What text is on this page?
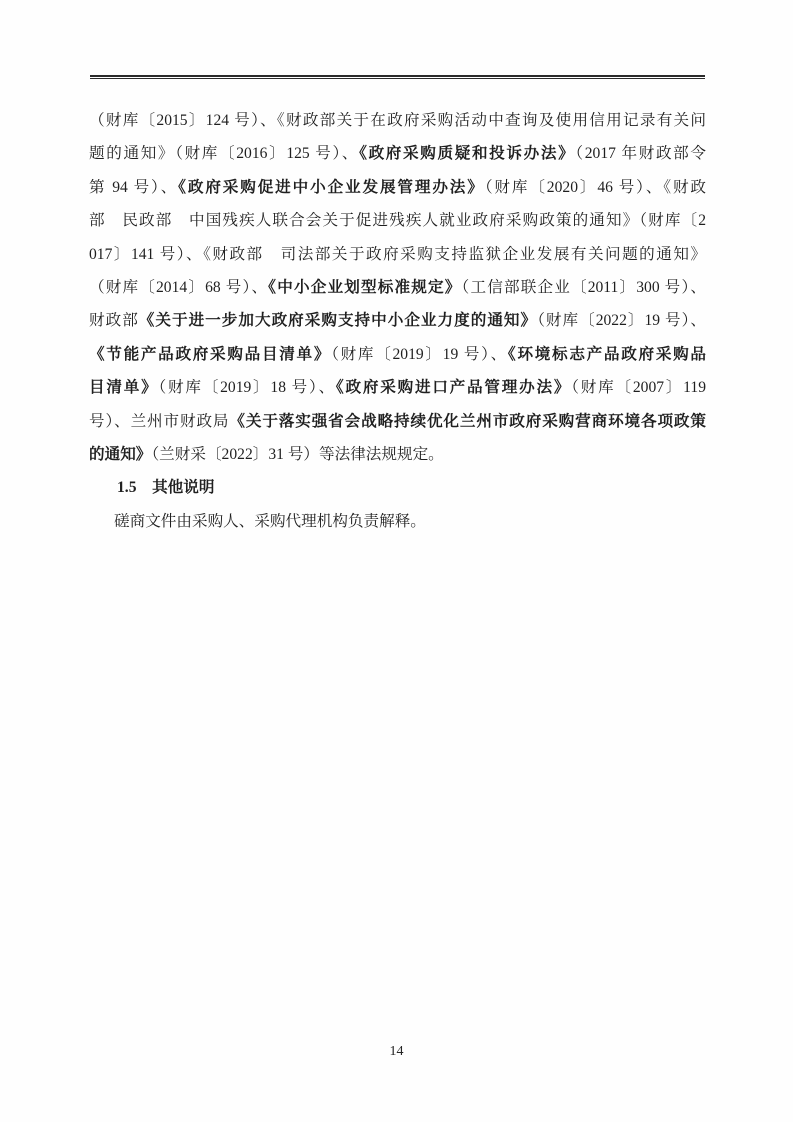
（财库〔2015〕124 号）、《财政部关于在政府采购活动中查询及使用信用记录有关问
题的通知》（财库〔2016〕125 号）、《政府采购质疑和投诉办法》（2017 年财政部令
第 94 号）、《政府采购促进中小企业发展管理办法》（财库〔2020〕46 号）、《财政
部　民政部　中国残疾人联合会关于促进残疾人就业政府采购政策的通知》（财库〔2
017〕141 号）、《财政部　司法部关于政府采购支持监狱企业发展有关问题的通知》
（财库〔2014〕68 号）、《中小企业划型标准规定》（工信部联企业〔2011〕300 号）、
财政部《关于进一步加大政府采购支持中小企业力度的通知》（财库〔2022〕19 号）、
《节能产品政府采购品目清单》（财库〔2019〕19 号）、《环境标志产品政府采购品
目清单》（财库〔2019〕18 号）、《政府采购进口产品管理办法》（财库〔2007〕119
号）、兰州市财政局《关于落实强省会战略持续优化兰州市政府采购营商环境各项政策
的通知》（兰财采〔2022〕31 号）等法律法规规定。
1.5　其他说明
磋商文件由采购人、采购代理机构负责解释。
14
